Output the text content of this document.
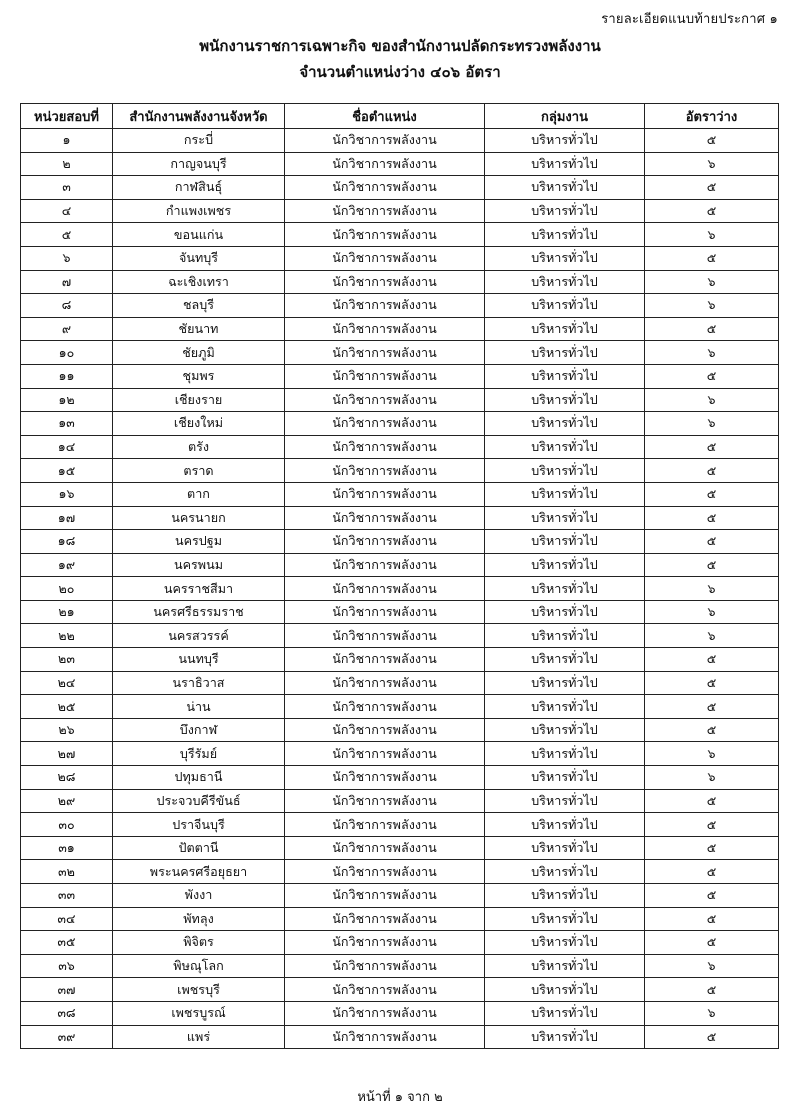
รายละเอียดแนบท้ายประกาศ ๑
พนักงานราชการเฉพาะกิจ ของสำนักงานปลัดกระทรวงพลังงาน
จำนวนตำแหน่งว่าง ๔๐๖ อัตรา
หน่วยสอบที่	สำนักงานพลังงานจังหวัด	ชื่อตำแหน่ง	กลุ่มงาน	อัตราว่าง
๑	กระบี่	นักวิชาการพลังงาน	บริหารทั่วไป	๕
๒	กาญจนบุรี	นักวิชาการพลังงาน	บริหารทั่วไป	๖
๓	กาฬสินธุ์	นักวิชาการพลังงาน	บริหารทั่วไป	๕
๔	กำแพงเพชร	นักวิชาการพลังงาน	บริหารทั่วไป	๕
๕	ขอนแก่น	นักวิชาการพลังงาน	บริหารทั่วไป	๖
๖	จันทบุรี	นักวิชาการพลังงาน	บริหารทั่วไป	๕
๗	ฉะเชิงเทรา	นักวิชาการพลังงาน	บริหารทั่วไป	๖
๘	ชลบุรี	นักวิชาการพลังงาน	บริหารทั่วไป	๖
๙	ชัยนาท	นักวิชาการพลังงาน	บริหารทั่วไป	๕
๑๐	ชัยภูมิ	นักวิชาการพลังงาน	บริหารทั่วไป	๖
๑๑	ชุมพร	นักวิชาการพลังงาน	บริหารทั่วไป	๕
๑๒	เชียงราย	นักวิชาการพลังงาน	บริหารทั่วไป	๖
๑๓	เชียงใหม่	นักวิชาการพลังงาน	บริหารทั่วไป	๖
๑๔	ตรัง	นักวิชาการพลังงาน	บริหารทั่วไป	๕
๑๕	ตราด	นักวิชาการพลังงาน	บริหารทั่วไป	๕
๑๖	ตาก	นักวิชาการพลังงาน	บริหารทั่วไป	๕
๑๗	นครนายก	นักวิชาการพลังงาน	บริหารทั่วไป	๕
๑๘	นครปฐม	นักวิชาการพลังงาน	บริหารทั่วไป	๕
๑๙	นครพนม	นักวิชาการพลังงาน	บริหารทั่วไป	๕
๒๐	นครราชสีมา	นักวิชาการพลังงาน	บริหารทั่วไป	๖
๒๑	นครศรีธรรมราช	นักวิชาการพลังงาน	บริหารทั่วไป	๖
๒๒	นครสวรรค์	นักวิชาการพลังงาน	บริหารทั่วไป	๖
๒๓	นนทบุรี	นักวิชาการพลังงาน	บริหารทั่วไป	๕
๒๔	นราธิวาส	นักวิชาการพลังงาน	บริหารทั่วไป	๕
๒๕	น่าน	นักวิชาการพลังงาน	บริหารทั่วไป	๕
๒๖	บึงกาฬ	นักวิชาการพลังงาน	บริหารทั่วไป	๕
๒๗	บุรีรัมย์	นักวิชาการพลังงาน	บริหารทั่วไป	๖
๒๘	ปทุมธานี	นักวิชาการพลังงาน	บริหารทั่วไป	๖
๒๙	ประจวบคีรีขันธ์	นักวิชาการพลังงาน	บริหารทั่วไป	๕
๓๐	ปราจีนบุรี	นักวิชาการพลังงาน	บริหารทั่วไป	๕
๓๑	ปัตตานี	นักวิชาการพลังงาน	บริหารทั่วไป	๕
๓๒	พระนครศรีอยุธยา	นักวิชาการพลังงาน	บริหารทั่วไป	๕
๓๓	พังงา	นักวิชาการพลังงาน	บริหารทั่วไป	๕
๓๔	พัทลุง	นักวิชาการพลังงาน	บริหารทั่วไป	๕
๓๕	พิจิตร	นักวิชาการพลังงาน	บริหารทั่วไป	๕
๓๖	พิษณุโลก	นักวิชาการพลังงาน	บริหารทั่วไป	๖
๓๗	เพชรบุรี	นักวิชาการพลังงาน	บริหารทั่วไป	๕
๓๘	เพชรบูรณ์	นักวิชาการพลังงาน	บริหารทั่วไป	๖
๓๙	แพร่	นักวิชาการพลังงาน	บริหารทั่วไป	๕
หน้าที่ ๑ จาก ๒
